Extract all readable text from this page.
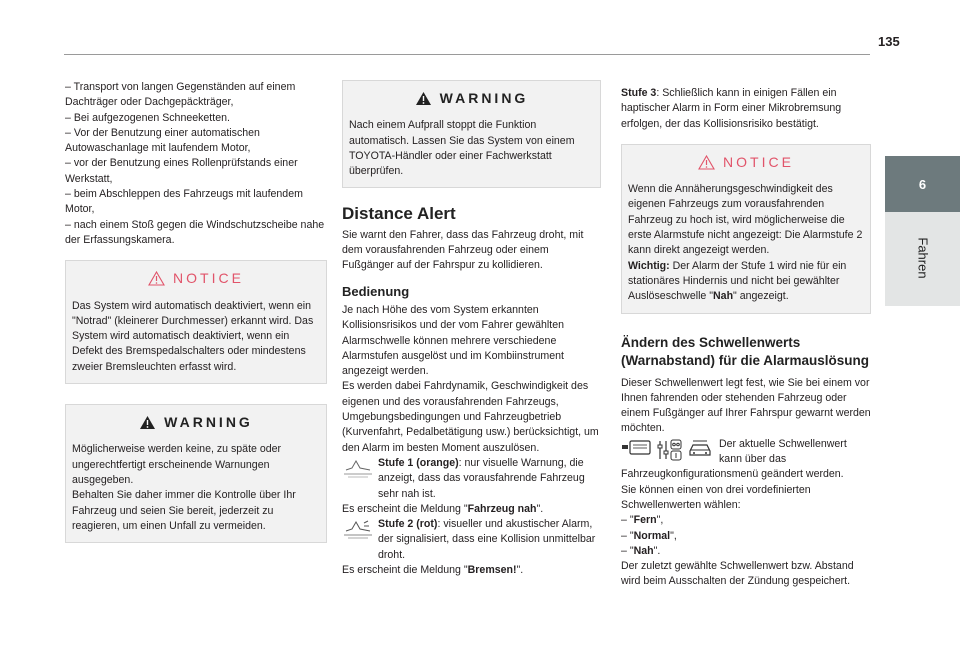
135
6
Fahren

– Transport von langen Gegenständen auf einem Dachträger oder Dachgepäckträger,

– Bei aufgezogenen Schneeketten.

– Vor der Benutzung einer automatischen Autowaschanlage mit laufendem Motor,

– vor der Benutzung eines Rollenprüfstands einer Werkstatt,

– beim Abschleppen des Fahrzeugs mit laufendem Motor,

– nach einem Stoß gegen die Windschutzscheibe nahe der Erfassungskamera.

NOTICE

Das System wird automatisch deaktiviert, wenn ein "Notrad" (kleinerer Durchmesser) erkannt wird. Das System wird automatisch deaktiviert, wenn ein Defekt des Bremspedalschalters oder mindestens zweier Bremsleuchten erfasst wird.

WARNING

Möglicherweise werden keine, zu späte oder ungerechtfertigt erscheinende Warnungen ausgegeben.

Behalten Sie daher immer die Kontrolle über Ihr Fahrzeug und seien Sie bereit, jederzeit zu reagieren, um einen Unfall zu vermeiden.

WARNING

Nach einem Aufprall stoppt die Funktion automatisch. Lassen Sie das System von einem TOYOTA-Händler oder einer Fachwerkstatt überprüfen.

Distance Alert

Sie warnt den Fahrer, dass das Fahrzeug droht, mit dem vorausfahrenden Fahrzeug oder einem Fußgänger auf der Fahrspur zu kollidieren.

Bedienung

Je nach Höhe des vom System erkannten Kollisionsrisikos und der vom Fahrer gewählten Alarmschwelle können mehrere verschiedene Alarmstufen ausgelöst und im Kombiinstrument angezeigt werden.

Es werden dabei Fahrdynamik, Geschwindigkeit des eigenen und des vorausfahrenden Fahrzeugs, Umgebungsbedingungen und Fahrzeugbetrieb (Kurvenfahrt, Pedalbetätigung usw.) berücksichtigt, um den Alarm im besten Moment auszulösen.

Stufe 1 (orange): nur visuelle Warnung, die anzeigt, dass das vorausfahrende Fahrzeug sehr nah ist.

Es erscheint die Meldung "Fahrzeug nah".

Stufe 2 (rot): visueller und akustischer Alarm, der signalisiert, dass eine Kollision unmittelbar droht.

Es erscheint die Meldung "Bremsen!".

Stufe 3: Schließlich kann in einigen Fällen ein haptischer Alarm in Form einer Mikrobremsung erfolgen, der das Kollisionsrisiko bestätigt.

NOTICE

Wenn die Annäherungsgeschwindigkeit des eigenen Fahrzeugs zum vorausfahrenden Fahrzeug zu hoch ist, wird möglicherweise die erste Alarmstufe nicht angezeigt: Die Alarmstufe 2 kann direkt angezeigt werden.

Wichtig: Der Alarm der Stufe 1 wird nie für ein stationäres Hindernis und nicht bei gewählter Auslöseschwelle "Nah" angezeigt.

Ändern des Schwellenwerts (Warnabstand) für die Alarmauslösung

Dieser Schwellenwert legt fest, wie Sie bei einem vor Ihnen fahrenden oder stehenden Fahrzeug oder einem Fußgänger auf Ihrer Fahrspur gewarnt werden möchten.

Der aktuelle Schwellenwert kann über das

Fahrzeugkonfigurationsmenü geändert werden.

Sie können einen von drei vordefinierten Schwellenwerten wählen:

– "Fern",

– "Normal",

– "Nah".

Der zuletzt gewählte Schwellenwert bzw. Abstand wird beim Ausschalten der Zündung gespeichert.
